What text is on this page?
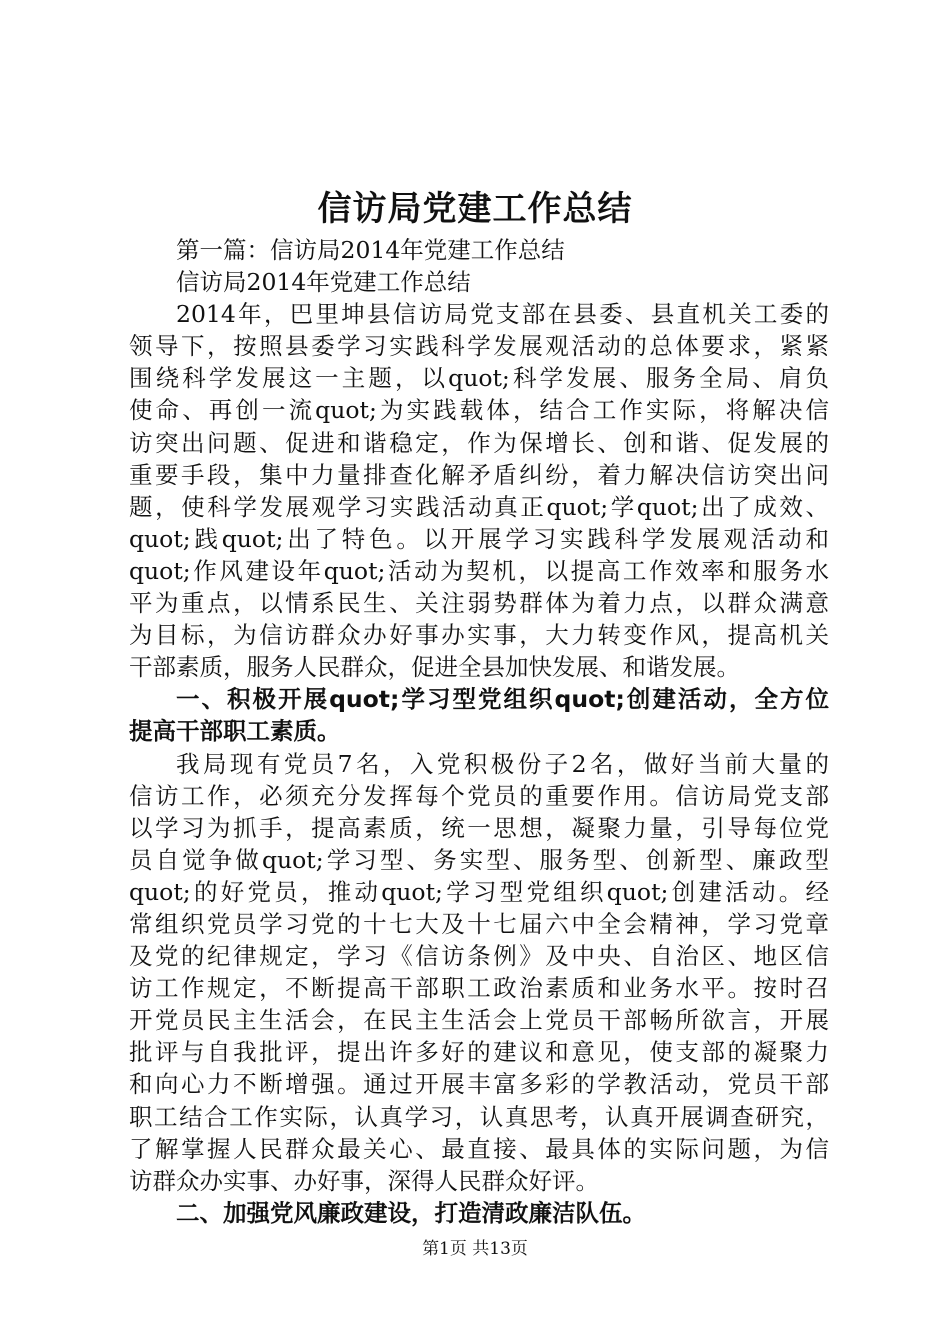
信访局党建工作总结
第一篇：信访局2014年党建工作总结
信访局2014年党建工作总结
2014年，巴里坤县信访局党支部在县委、县直机关工委的
领导下，按照县委学习实践科学发展观活动的总体要求，紧紧
围绕科学发展这一主题，以quot;科学发展、服务全局、肩负
使命、再创一流quot;为实践载体，结合工作实际，将解决信
访突出问题、促进和谐稳定，作为保增长、创和谐、促发展的
重要手段，集中力量排查化解矛盾纠纷，着力解决信访突出问
题，使科学发展观学习实践活动真正quot;学quot;出了成效、
quot;践quot;出了特色。以开展学习实践科学发展观活动和
quot;作风建设年quot;活动为契机，以提高工作效率和服务水
平为重点，以情系民生、关注弱势群体为着力点，以群众满意
为目标，为信访群众办好事办实事，大力转变作风，提高机关
干部素质，服务人民群众，促进全县加快发展、和谐发展。
一、积极开展quot;学习型党组织quot;创建活动，全方位
提高干部职工素质。
我局现有党员7名，入党积极份子2名，做好当前大量的
信访工作，必须充分发挥每个党员的重要作用。信访局党支部
以学习为抓手，提高素质，统一思想，凝聚力量，引导每位党
员自觉争做quot;学习型、务实型、服务型、创新型、廉政型
quot;的好党员，推动quot;学习型党组织quot;创建活动。经
常组织党员学习党的十七大及十七届六中全会精神，学习党章
及党的纪律规定，学习《信访条例》及中央、自治区、地区信
访工作规定，不断提高干部职工政治素质和业务水平。按时召
开党员民主生活会，在民主生活会上党员干部畅所欲言，开展
批评与自我批评，提出许多好的建议和意见，使支部的凝聚力
和向心力不断增强。通过开展丰富多彩的学教活动，党员干部
职工结合工作实际，认真学习，认真思考，认真开展调查研究，
了解掌握人民群众最关心、最直接、最具体的实际问题，为信
访群众办实事、办好事，深得人民群众好评。
二、加强党风廉政建设，打造清政廉洁队伍。
第1页 共13页
